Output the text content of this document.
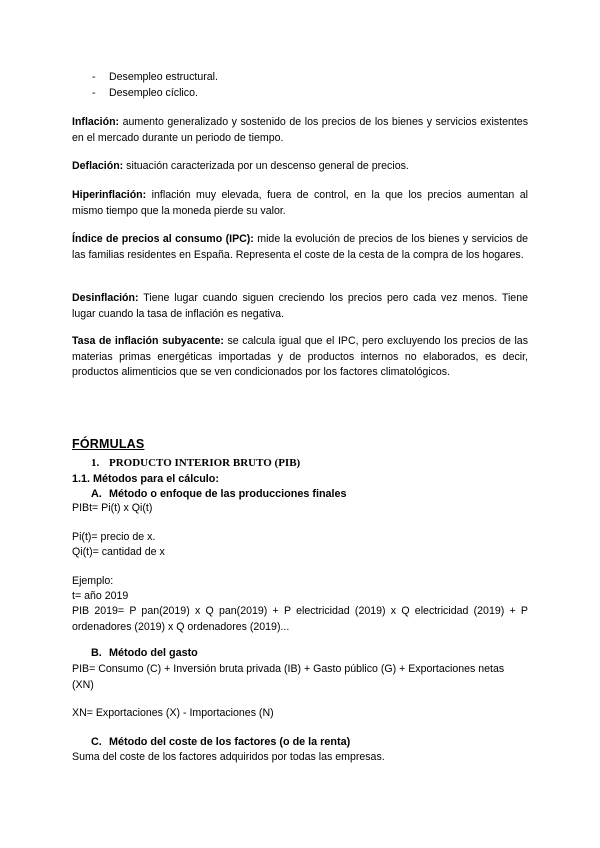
- Desempleo estructural.
- Desempleo cíclico.

Inflación: aumento generalizado y sostenido de los precios de los bienes y servicios existentes en el mercado durante un periodo de tiempo.

Deflación: situación caracterizada por un descenso general de precios.

Hiperinflación: inflación muy elevada, fuera de control, en la que los precios aumentan al mismo tiempo que la moneda pierde su valor.

Índice de precios al consumo (IPC): mide la evolución de precios de los bienes y servicios de las familias residentes en España. Representa el coste de la cesta de la compra de los hogares.

Desinflación: Tiene lugar cuando siguen creciendo los precios pero cada vez menos. Tiene lugar cuando la tasa de inflación es negativa.

Tasa de inflación subyacente: se calcula igual que el IPC, pero excluyendo los precios de las materias primas energéticas importadas y de productos internos no elaborados, es decir, productos alimenticios que se ven condicionados por los factores climatológicos.

FÓRMULAS
1. PRODUCTO INTERIOR BRUTO (PIB)
1.1. Métodos para el cálculo:
A. Método o enfoque de las producciones finales
PIBt= Pi(t) x Qi(t)
Pi(t)= precio de x.
Qi(t)= cantidad de x
Ejemplo:
t= año 2019

PIB 2019= P pan(2019) x Q pan(2019) + P electricidad (2019) x Q electricidad (2019) + P ordenadores (2019) x Q ordenadores (2019)...

B. Método del gasto

PIB= Consumo (C) + Inversión bruta privada (IB) + Gasto público (G) + Exportaciones netas (XN)

XN= Exportaciones (X) - Importaciones (N)
C. Método del coste de los factores (o de la renta)
Suma del coste de los factores adquiridos por todas las empresas.
